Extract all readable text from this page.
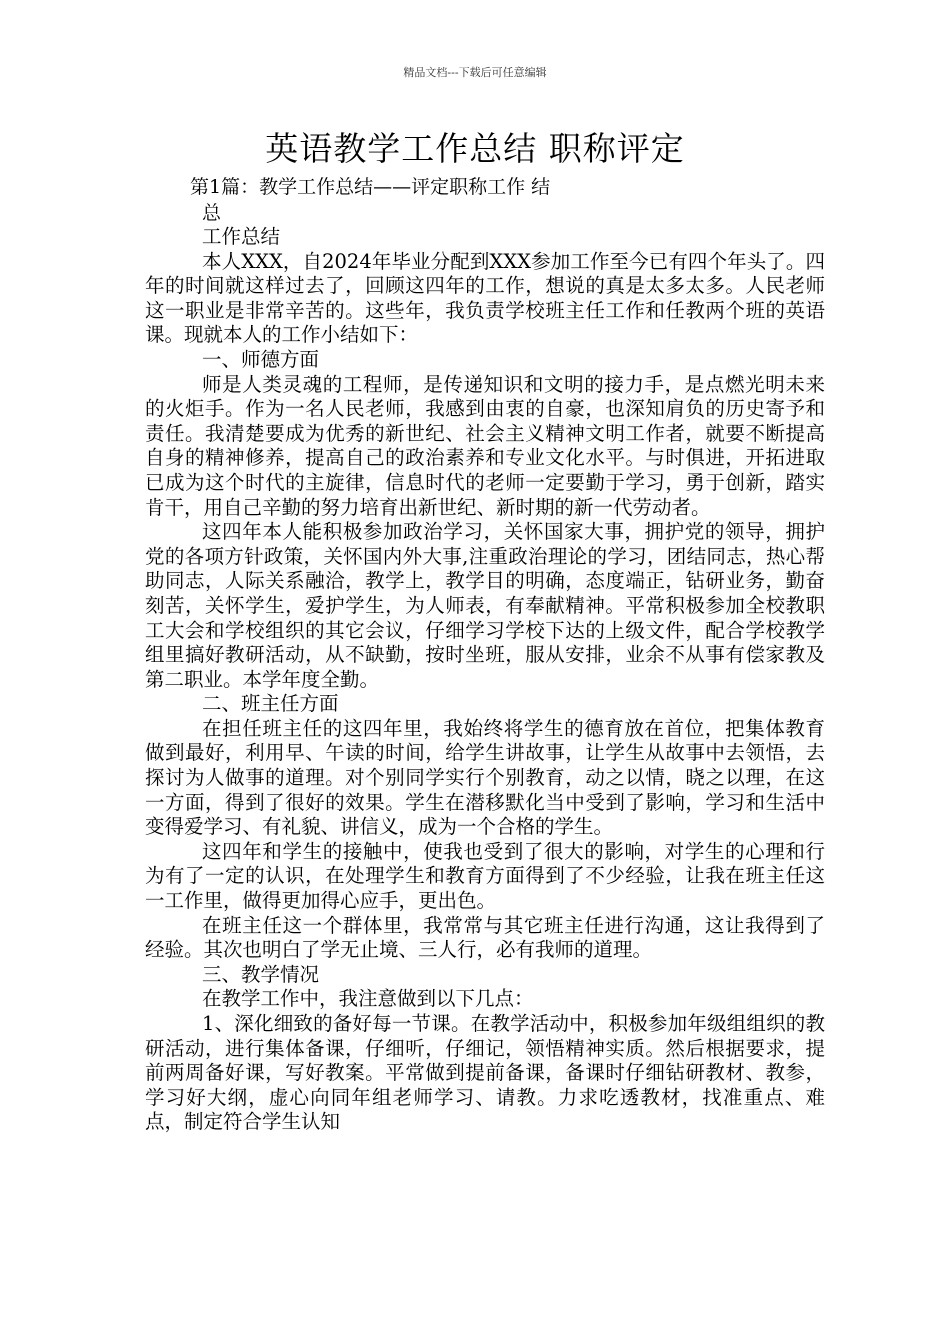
精品文档---下载后可任意编辑
英语教学工作总结 职称评定
第1篇：教学工作总结——评定职称工作 结
总

工作总结

本人XXX，自2024年毕业分配到XXX参加工作至今已有四个年头了。四年的时间就这样过去了，回顾这四年的工作，想说的真是太多太多。人民老师这一职业是非常辛苦的。这些年，我负责学校班主任工作和任教两个班的英语课。现就本人的工作小结如下：

一、师德方面

师是人类灵魂的工程师，是传递知识和文明的接力手，是点燃光明未来的火炬手。作为一名人民老师，我感到由衷的自豪，也深知肩负的历史寄予和责任。我清楚要成为优秀的新世纪、社会主义精神文明工作者，就要不断提高自身的精神修养，提高自己的政治素养和专业文化水平。与时俱进，开拓进取已成为这个时代的主旋律，信息时代的老师一定要勤于学习，勇于创新，踏实肯干，用自己辛勤的努力培育出新世纪、新时期的新一代劳动者。

这四年本人能积极参加政治学习，关怀国家大事，拥护党的领导，拥护党的各项方针政策，关怀国内外大事,注重政治理论的学习，团结同志，热心帮助同志，人际关系融洽，教学上，教学目的明确，态度端正，钻研业务，勤奋刻苦，关怀学生，爱护学生，为人师表，有奉献精神。平常积极参加全校教职工大会和学校组织的其它会议，仔细学习学校下达的上级文件，配合学校教学组里搞好教研活动，从不缺勤，按时坐班，服从安排，业余不从事有偿家教及第二职业。本学年度全勤。

二、班主任方面

在担任班主任的这四年里，我始终将学生的德育放在首位，把集体教育做到最好，利用早、午读的时间，给学生讲故事，让学生从故事中去领悟，去探讨为人做事的道理。对个别同学实行个别教育，动之以情，晓之以理，在这一方面，得到了很好的效果。学生在潜移默化当中受到了影响，学习和生活中变得爱学习、有礼貌、讲信义，成为一个合格的学生。

这四年和学生的接触中，使我也受到了很大的影响，对学生的心理和行为有了一定的认识，在处理学生和教育方面得到了不少经验，让我在班主任这一工作里，做得更加得心应手，更出色。

在班主任这一个群体里，我常常与其它班主任进行沟通，这让我得到了经验。其次也明白了学无止境、三人行，必有我师的道理。

三、教学情况

在教学工作中，我注意做到以下几点：

1、深化细致的备好每一节课。在教学活动中，积极参加年级组组织的教研活动，进行集体备课，仔细听，仔细记，领悟精神实质。然后根据要求，提前两周备好课，写好教案。平常做到提前备课，备课时仔细钻研教材、教参，学习好大纲，虚心向同年组老师学习、请教。力求吃透教材，找准重点、难点，制定符合学生认知
